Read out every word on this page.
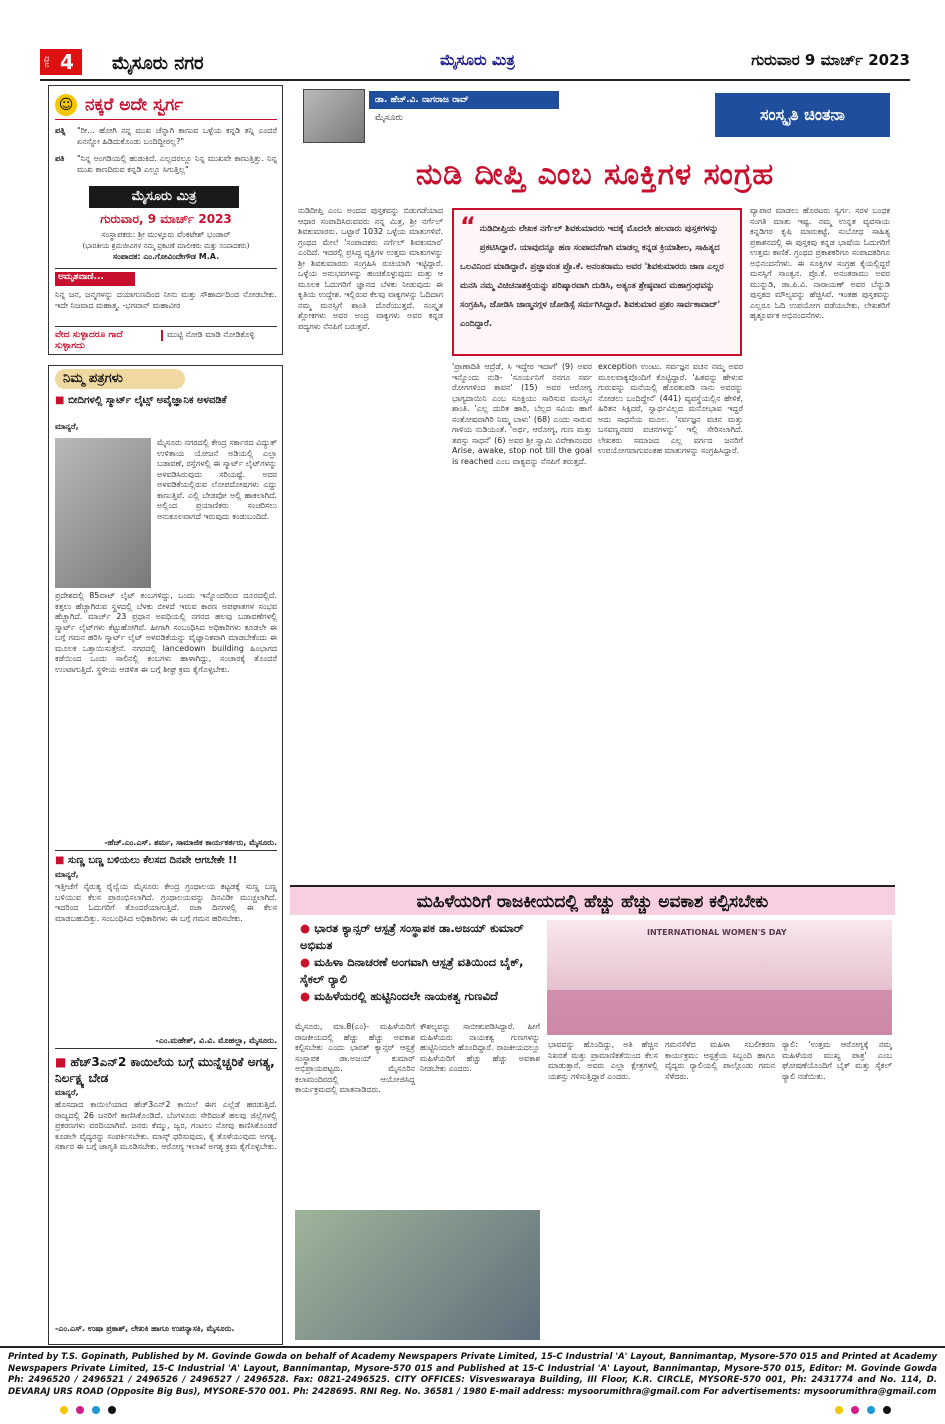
ಪುಟ 4	ಮೈಸೂರು ನಗರ	ಮೈಸೂರು ಮಿತ್ರ	ಗುರುವಾರ 9 ಮಾರ್ಚ್ 2023
☺ ನಕ್ಕರೆ ಅದೇ ಸ್ವರ್ಗ
ಪತ್ನಿ	"ರೀ... ಹೋಗಿ ನನ್ನ ಮುಖ ಚೆನ್ನಾಗಿ ಕಾಣುವ ಒಳ್ಳೆಯ ಕನ್ನಡಿ ತನ್ನಿ ಎಂದರೆ ಏನನ್ನೋ ಹಿಡಿದುಕೊಂಡು ಬಂದಿದ್ದೀರಲ್ಲ?"
ಪತಿ	"ನಿನ್ನ ಅಂಗಡಿಯಲ್ಲಿ ಹುಡುಕಿದೆ. ಎಲ್ಲದರಲ್ಲೂ ನಿನ್ನ ಮುಖವೇ ಕಾಣುತ್ತಿತ್ತು. ನಿನ್ನ ಮುಖ ಕಾಣದಿರುವ ಕನ್ನಡಿ ಎಲ್ಲೂ ಸಿಗುತ್ತಿಲ್ಲ"
ಮೈಸೂರು ಮಿತ್ರ
ಗುರುವಾರ, 9 ಮಾರ್ಚ್ 2023
ಸಂಸ್ಥಾಪಕರು: ಶ್ರೀ ಮುಳ್ಳೂರು ವೆಂಕಟೇಶ್ ಭಂಡಾರ್
(ಭಾರತೀಯ ಶ್ರಮಜೀವಿಗಳ ನಮ್ಮ ಪ್ರಕಟಣೆ ಮಾಲೀಕರು ಮತ್ತು ಸಂಪಾದಕರು)
ಸಂಪಾದಕ: ಎಂ.ಗೋವಿಂದೇಗೌಡ M.A.
ಅಮೃತವಾಣಿ...
ನಿನ್ನ ಜನ, ಜನ್ಮಗಳನ್ನು ದಯಾಗುಣದಿಂದ ನೀನು ಮತ್ತು ಸೌಹಾರ್ದದಿಂದ ನೋಡಬೇಕು. ಇದೇ ನಿಜವಾದ ಮಹಾತ್ಮ. -ಭಗವಾನ್ ಮಹಾವೀರ
ವೇದ ಸುಳ್ಳಾದರೂ ಗಾದೆ ಸುಳ್ಳಾಗದು
ಮುಟ್ಟಿ ನೋಡಿ ಮಾಡಿ ನೋಡಿಕೊಳ್ಳಿ
ನಿಮ್ಮ ಪತ್ರಗಳು
■ ಬೀದಿಗಳಲ್ಲಿ ಸ್ಮಾರ್ಟ್ ಲೈಟ್ಸ್ ಅವೈಜ್ಞಾನಿಕ ಅಳವಡಿಕೆ
ಮಾನ್ಯರೆ,
ಮೈಸೂರು ನಗರದಲ್ಲಿ ಕೇಂದ್ರ ಸರ್ಕಾರದ ವಿದ್ಯುತ್ ಉಳಿತಾಯ ಯೋಜನೆ ಅಡಿಯಲ್ಲಿ ಎಲ್ಲಾ ಬಡಾವಣೆ, ರಸ್ತೆಗಳಲ್ಲಿ ಈ ಸ್ಮಾರ್ಟ್ ಲೈಟ್‌ಗಳನ್ನು ಅಳವಡಿಸಿರುವುದು ಸರಿಯಷ್ಟೆ. ಅದರ ಅಳವಡಿಕೆಯಲ್ಲಿರುವ ಲೋಪದೋಷಗಳು ಎದ್ದು ಕಾಣುತ್ತಿವೆ. ಎಲ್ಲಿ ಬೇಡವೋ ಅಲ್ಲಿ ಹಾಕಲಾಗಿದೆ. ಅಲ್ಲಿಂದ ಪ್ರಯಾಣಿಕರು ಸಂಚರಿಸಲು ಅನುಕೂಲವಾಗದೆ ಇರುವುದು ಕಂಡುಬಂದಿದೆ.
ಪ್ರದೇಶದಲ್ಲಿ 85ವಾಟ್ ಲೈಟ್ ಕಂಬಗಳಿದ್ದು, ಒಂದು ಇನ್ನೊಂದರಿಂದ ದೂರದಲ್ಲಿದೆ. ಕತ್ತಲು ಹೆಚ್ಚಾಗಿರುವ ಸ್ಥಳದಲ್ಲಿ ಬೆಳಕು ಬೀಳದೆ ಇರುವ ಕಾರಣ ಅಪಘಾತಗಳ ಸಂಭವ ಹೆಚ್ಚಾಗಿದೆ. ಮಾರ್ಚ್ 23 ಪ್ರಧಾನ ಅವಧಿಯಲ್ಲಿ ನಗರದ ಹಲವು ಬಡಾವಣೆಗಳಲ್ಲಿ ಸ್ಮಾರ್ಟ್ ಲೈಟ್‌ಗಳು ಕೆಟ್ಟುಹೋಗಿವೆ. ಹೀಗಾಗಿ ಸಂಬಂಧಿಸಿದ ಅಧಿಕಾರಿಗಳು ಕೂಡಲೇ ಈ ಬಗ್ಗೆ ಗಮನ ಹರಿಸಿ ಸ್ಮಾರ್ಟ್ ಲೈಟ್ ಅಳವಡಿಕೆಯನ್ನು ವೈಜ್ಞಾನಿಕವಾಗಿ ಮಾಡಬೇಕೆಂದು ಈ ಮೂಲಕ ಒತ್ತಾಯಿಸುತ್ತೇನೆ. ನಗರದಲ್ಲಿ lancedown building ಹಿಂಭಾಗದ ಕಡೆಯಿಂದ ಒಂದು ಸಾಲಿನಲ್ಲಿ ಕಂಬಗಳು ಹಾಳಾಗಿದ್ದು, ಸಂಚಾರಕ್ಕೆ ತೊಂದರೆ ಉಂಟಾಗುತ್ತಿದೆ. ಸ್ಥಳೀಯ ಆಡಳಿತ ಈ ಬಗ್ಗೆ ಶೀಘ್ರ ಕ್ರಮ ಕೈಗೊಳ್ಳಬೇಕು.
-ಹೆಚ್.ಎಂ.ಎಸ್. ಶರ್ಮ, ಸಾಮಾಜಿಕ ಕಾರ್ಯಕರ್ತರು, ಮೈಸೂರು.
■ ಸುಣ್ಣ ಬಣ್ಣ ಬಳಿಯಲು ಕೆಲಸದ ದಿನವೇ ಆಗಬೇಕೇ !!
ಮಾನ್ಯರೆ,
ಇತ್ತೀಚೆಗೆ ನೈರುತ್ಯ ರೈಲ್ವೆಯ ಮೈಸೂರು ಕೇಂದ್ರ ಗ್ರಂಥಾಲಯ ಕಟ್ಟಡಕ್ಕೆ ಸುಣ್ಣ ಬಣ್ಣ ಬಳಿಯುವ ಕೆಲಸ ಪ್ರಾರಂಭಿಸಲಾಗಿದೆ. ಗ್ರಂಥಾಲಯವನ್ನು ದಿನವಿಡೀ ಮುಚ್ಚಲಾಗಿದೆ. ಇದರಿಂದ ಓದುಗರಿಗೆ ತೊಂದರೆಯಾಗುತ್ತಿದೆ. ರಜಾ ದಿನಗಳಲ್ಲಿ ಈ ಕೆಲಸ ಮಾಡಬಹುದಿತ್ತು. ಸಂಬಂಧಿಸಿದ ಅಧಿಕಾರಿಗಳು ಈ ಬಗ್ಗೆ ಗಮನ ಹರಿಸಬೇಕು.
-ಎಂ.ಮಹೇಶ್, ವಿ.ವಿ. ಮೊಹಲ್ಲಾ, ಮೈಸೂರು.
■ ಹೆಚ್3ಎನ್2 ಕಾಯಿಲೆಯ ಬಗ್ಗೆ ಮುನ್ನೆಚ್ಚರಿಕೆ ಅಗತ್ಯ, ನಿರ್ಲಕ್ಷ್ಯ ಬೇಡ
ಮಾನ್ಯರೆ,
ಹೊಸದಾದ ಕಾಯಿಲೆಯಾದ ಹೆಚ್3ಎನ್2 ಕಾಯಿಲೆ ಈಗ ಎಲ್ಲೆಡೆ ಹರಡುತ್ತಿದೆ. ರಾಜ್ಯದಲ್ಲಿ 26 ಜನರಿಗೆ ಕಾಣಿಸಿಕೊಂಡಿದೆ. ಬೆಂಗಳೂರು ಸೇರಿದಂತೆ ಹಲವು ಜಿಲ್ಲೆಗಳಲ್ಲಿ ಪ್ರಕರಣಗಳು ವರದಿಯಾಗಿವೆ. ಜನರು ಕೆಮ್ಮು, ಜ್ವರ, ಗಂಟಲು ನೋವು ಕಾಣಿಸಿಕೊಂಡರೆ ಕೂಡಲೇ ವೈದ್ಯರನ್ನು ಸಂಪರ್ಕಿಸಬೇಕು. ಮಾಸ್ಕ್ ಧರಿಸುವುದು, ಕೈ ತೊಳೆಯುವುದು ಅಗತ್ಯ. ಸರ್ಕಾರ ಈ ಬಗ್ಗೆ ಜಾಗೃತಿ ಮೂಡಿಸಬೇಕು. ಆರೋಗ್ಯ ಇಲಾಖೆ ಅಗತ್ಯ ಕ್ರಮ ಕೈಗೊಳ್ಳಬೇಕು.
-ಎಂ.ಎಸ್. ಉಷಾ ಪ್ರಕಾಶ್, ಲೇಖಕಿ ಹಾಗೂ ಉಪನ್ಯಾಸಕಿ, ಮೈಸೂರು.
ಡಾ. ಹೆಚ್.ವಿ. ನಾಗರಾಜ ರಾವ್
ಮೈಸೂರು	ಸಂಸ್ಕೃತಿ ಚಿಂತನಾ
ನುಡಿ ದೀಪ್ತಿ ಎಂಬ ಸೂಕ್ತಿಗಳ ಸಂಗ್ರಹ
ನುಡಿದೀಪ್ತಿ ಎಂಬ ಅಂದದ ಪುಸ್ತಕವನ್ನು ಬಿಡುಗಡೆಯಾದ ಆಧಾರ ಸಂಪಾದಿಸಿರುವವರು ನನ್ನ ಮಿತ್ರ, ಶ್ರೀ ನರ್ಗೆಲ್ ಶಿವಕುಮಾರರು. ಒಟ್ಟಾರೆ 1032 ಒಳ್ಳೆಯ ಮಾತುಗಳಿವೆ. ಗ್ರಂಥದ ಮೇಲೆ 'ಸಂಪಾದಕರು ನರ್ಗೆಲ್ ಶಿವಕುಮಾರ' ಎಂದಿದೆ. ಇದರಲ್ಲಿ ಪ್ರಸಿದ್ಧ ವ್ಯಕ್ತಿಗಳ ಉತ್ತಮ ಮಾತುಗಳನ್ನು ಶ್ರೀ ಶಿವಕುಮಾರರು ಸಂಗ್ರಹಿಸಿ ರುಚಿಯಾಗಿ ಇಟ್ಟಿದ್ದಾರೆ. ಒಳ್ಳೆಯ ಅನುಭವಗಳನ್ನು ಹಂಚಿಕೊಳ್ಳುವುದು ಮತ್ತು ಆ ಮೂಲಕ ಓದುಗರಿಗೆ ಜ್ಞಾನದ ಬೆಳಕು ನೀಡುವುದು ಈ ಕೃತಿಯ ಉದ್ದೇಶ. ಇಲ್ಲಿರುವ ಕೆಲವು ವಾಕ್ಯಗಳನ್ನು ಓದಿದಾಗ ನಮ್ಮ ಮನಸ್ಸಿಗೆ ಶಾಂತಿ ದೊರೆಯುತ್ತದೆ. ಸಂಸ್ಕೃತ ಶ್ಲೋಕಗಳು ಅವರ ಅಂದ್ರ ವಾಕ್ಯಗಳು ಅವರ ಕನ್ನಡ ಪದ್ಯಗಳು ನೆನಪಿಗೆ ಬರುತ್ತವೆ.
“ ನುಡಿದೀಪ್ತಿಯ ಲೇಖಕ ನರ್ಗೆಲ್ ಶಿವಕುಮಾರರು ಇದಕ್ಕೆ ಮೊದಲೇ ಹಲವಾರು ಪುಸ್ತಕಗಳನ್ನು ಪ್ರಕಟಿಸಿದ್ದಾರೆ. ಯಾವುದನ್ನೂ ಹಣ ಸಂಪಾದನೆಗಾಗಿ ಮಾಡಲ್ಲ ಕನ್ನಡ ಕ್ರಿಯಾಶೀಲ, ಸಾಹಿತ್ಯದ ಒಲವಿನಿಂದ ಮಾಡಿದ್ದಾರೆ. ಪ್ರಜ್ಞಾವಂತ ಪ್ರೊ.ಕೆ. ಅನಂತರಾಮು ಅವರ 'ಶಿವಕುಮಾರರು ಜಾಣ ಎಲ್ಲರ ಮನಸಿ ನಮ್ಮ ವಿಚಿಚನಾಶಕ್ತಿಯನ್ನು ಪರಿಷ್ಕಾರವಾಗಿ ದುಡಿಸಿ, ಅತ್ಯಂತ ಶ್ರೇಷ್ಠವಾದ ಮಹಾಗ್ರಂಥವನ್ನು ಸಂಗ್ರಹಿಸಿ, ಜೋಡಿಸಿ ಜಾಣ್ಮನಗ್ಗಳ ಜೋಡಿಸ್ಸೆ ಸರ್ಮಗಿಸಿದ್ದಾರೆ. ಶಿವಕುಮಾರ ಪ್ರಶಂ ಸಾರ್ವಕಾವಾದ್' ಎಂದಿದ್ದಾರೆ.
'ಪ್ರಾಣಾದಿತಿ ಆದ್ರೆಡೆ, ಸಿ ಇದ್ದೇರ ಇದಾಗೆ' (9) ಅವರ ಇನ್ನೊಂದು ನುಡಿ- 'ಸೂರ್ಯನಿಗೆ ನನಗೂ ಸರ್ವ ರೋಗಗಳಿಂದ ಕಾವನ' (15) ಅವರ ಆರೋಗ್ಯ ಭಾಗ್ಯದಾಯಿನಿ ಎಂಬ ಸೂಕ್ತಿಯು ಸಾರಿಸುವ ಮನಸ್ಸಿನ ಶಾಂತಿ. 'ಎಲ್ಲ ದುರಿತ ಹಾರಿ, ಬೆಲ್ಲದ ಸವಿಯ ಹಾಗೆ ಸಂತೋಷವಾಗಿರಿ ನಿಮ್ಮ ಬಾಳು' (68) ಎಂದು ಸಾರುವ ಗಾಳಿಯ ನುಡಿಯಂತೆ. 'ಅರ್ಥ, ಆರೋಗ್ಯ, ಗುಣ ಮತ್ತು ತಪಸ್ಸು ಸಾಧನೆ' (6) ಅವರ ಶ್ರೀ ಸ್ವಾಮಿ ವಿವೇಕಾನಂದರ Arise, awake, stop not till the goal is reached ಎಂಬ ವಾಕ್ಯವನ್ನು ನೆನಪಿಗೆ ತರುತ್ತದೆ.
exception ಉಂಟು. ಸರ್ವಜ್ಞನ ವಚನ ನಮ್ಮ ಅವರ ಮೂಲವಾಕ್ಯವೊಂದಿಗೆ ಕೊಟ್ಟಿದ್ದಾರೆ. 'ಹಿತವನ್ನು ಹೇಳುವ ಗುರುವನ್ನು ಮನೆಯಲ್ಲಿ ಹೊರತುಪಡಿ ನಾನು ಅವರನ್ನು ನೋಡಲು ಬಂದಿದ್ದೇನೆ' (441) ವ್ಯವಸ್ಥೆಯಲ್ಲಿನ ಹೇಳಿಕೆ, ಹಿರಿತನ ಸಿಕ್ಕಿದರೆ, ಸ್ವಾರ್ಥವಿಲ್ಲದ ಮನೋಭಾವ ಇದ್ದರೆ ಅದು ಸಾಧನೆಯ ಮೂಲ. 'ಸರ್ವಜ್ಞನ ವಚನ ಮತ್ತು ಬಸವಣ್ಣನವರ ವಚನಗಳನ್ನು' ಇಲ್ಲಿ ಸೇರಿಸಲಾಗಿದೆ. ಲೇಖಕರು ಸಮಾಜದ ಎಲ್ಲ ವರ್ಗದ ಜನರಿಗೆ ಉಪಯೋಗವಾಗುವಂತಹ ಮಾತುಗಳನ್ನು ಸಂಗ್ರಹಿಸಿದ್ದಾರೆ.
ವ್ಯಾಪಾರ ಮಾಡಲು ಹೊರಟರು ಸ್ವರ್ಗ. ಸರಳ ಬಂಧಕ ಸಂಗತಿ ಮಾತು ಇಷ್ಟ. ನಮ್ಮ ಉನ್ನತ ವ್ಯವಸಾಯ ಕನ್ನಡಿಗರ ಕೃಷಿ ಮಾರುಕಟ್ಟೆ. ಸುಬೋಧ ಸಾಹಿತ್ಯ ಪ್ರಕಾಶನದಲ್ಲಿ ಈ ಪುಸ್ತಕವು ಕನ್ನಡ ಭಾಷೆಯ ಓದುಗರಿಗೆ ಉತ್ತಮ ಕಾಣಿಕೆ. ಗ್ರಂಥದ ಪ್ರಕಾಶಕರಿಗೂ ಸಂಪಾದಕರಿಗೂ ಅಭಿನಂದನೆಗಳು. ಈ ಸೂಕ್ತಿಗಳ ಸಂಗ್ರಹ ಕೈಯಲ್ಲಿದ್ದರೆ ಮನಸ್ಸಿಗೆ ಸಾಂತ್ವನ. ಪ್ರೊ.ಕೆ. ಅನಂತರಾಮು ಅವರ ಮುನ್ನುಡಿ, ಡಾ.ಪಿ.ವಿ. ನಾರಾಯಣ್ ಅವರ ಬೆನ್ನುಡಿ ಪುಸ್ತಕದ ಮೌಲ್ಯವನ್ನು ಹೆಚ್ಚಿಸಿವೆ. ಇಂತಹ ಪುಸ್ತಕವನ್ನು ಎಲ್ಲರೂ ಓದಿ ಉಪಯೋಗ ಪಡೆಯಬೇಕು. ಲೇಖಕರಿಗೆ ಹೃತ್ಪೂರ್ವಕ ಅಭಿನಂದನೆಗಳು.
ಮಹಿಳೆಯರಿಗೆ ರಾಜಕೀಯದಲ್ಲಿ ಹೆಚ್ಚು ಹೆಚ್ಚು ಅವಕಾಶ ಕಲ್ಪಿಸಬೇಕು
● ಭಾರತ ಕ್ಯಾನ್ಸರ್ ಆಸ್ಪತ್ರೆ ಸಂಸ್ಥಾಪಕ ಡಾ.ಅಜಯ್ ಕುಮಾರ್ ಅಭಿಮತ
● ಮಹಿಳಾ ದಿನಾಚರಣೆ ಅಂಗವಾಗಿ ಆಸ್ಪತ್ರೆ ವತಿಯಿಂದ ಬೈಕ್, ಸೈಕಲ್ ರ‍್ಯಾಲಿ
● ಮಹಿಳೆಯರಲ್ಲಿ ಹುಟ್ಟಿನಿಂದಲೇ ನಾಯಕತ್ವ ಗುಣವಿದೆ
INTERNATIONAL WOMEN'S DAY
ಮೈಸೂರು, ಮಾ.8(ಎಂ)- ಮಹಿಳೆಯರಿಗೆ ರಾಜಕೀಯದಲ್ಲಿ ಹೆಚ್ಚು ಹೆಚ್ಚು ಅವಕಾಶ ಕಲ್ಪಿಸಬೇಕು ಎಂದು ಭಾರತ್ ಕ್ಯಾನ್ಸರ್ ಆಸ್ಪತ್ರೆ ಸಂಸ್ಥಾಪಕ ಡಾ.ಅಜಯ್ ಕುಮಾರ್ ಅಭಿಪ್ರಾಯಪಟ್ಟರು. ಮೈಸೂರಿನ ಕಲಾಮಂದಿರದಲ್ಲಿ ಆಯೋಜಿಸಿದ್ದ ಕಾರ್ಯಕ್ರಮದಲ್ಲಿ ಮಾತನಾಡಿದರು.
ಕೌಶಲ್ಯವನ್ನು ಸಾಬೀತುಪಡಿಸಿದ್ದಾರೆ. ಹೀಗೆ ಮಹಿಳೆಯರು ನಾಯಕತ್ವ ಗುಣಗಳನ್ನು ಹುಟ್ಟಿನಿಂದಲೇ ಹೊಂದಿದ್ದಾರೆ. ರಾಜಕೀಯದಲ್ಲೂ ಮಹಿಳೆಯರಿಗೆ ಹೆಚ್ಚು ಹೆಚ್ಚು ಅವಕಾಶ ನೀಡಬೇಕು ಎಂದರು.
ಭಾವವನ್ನು ಹೊಂದಿದ್ದು, ಅತಿ ಹೆಚ್ಚಿನ ನಿಖರತೆ ಮತ್ತು ಪ್ರಾಮಾಣಿಕತೆಯಿಂದ ಕೆಲಸ ಮಾಡುತ್ತಾರೆ. ಅವರು ಎಲ್ಲಾ ಕ್ಷೇತ್ರಗಳಲ್ಲಿ ಯಶಸ್ಸು ಗಳಿಸುತ್ತಿದ್ದಾರೆ ಎಂದರು.
ಗಮನಸೆಳೆದ ಮಹಿಳಾ ಸಬಲೀಕರಣ ಕಾರ್ಯಕ್ರಮ: ಆಸ್ಪತ್ರೆಯ ಸಿಬ್ಬಂದಿ ಹಾಗೂ ವೈದ್ಯರು ರ‍್ಯಾಲಿಯಲ್ಲಿ ಪಾಲ್ಗೊಂಡು ಗಮನ ಸೆಳೆದರು.
ರ‍್ಯಾಲಿ: 'ಉತ್ತಮ ಆರೋಗ್ಯಕ್ಕೆ ನಮ್ಮ ಮಹಿಳೆಯರ ಮುಖ್ಯ ಪಾತ್ರ' ಎಂಬ ಘೋಷಣೆಯೊಂದಿಗೆ ಬೈಕ್ ಮತ್ತು ಸೈಕಲ್ ರ‍್ಯಾಲಿ ನಡೆಯಿತು.
Printed by T.S. Gopinath, Published by M. Govinde Gowda on behalf of Academy Newspapers Private Limited, 15-C Industrial 'A' Layout, Bannimantap, Mysore-570 015 and Printed at Academy Newspapers Private Limited, 15-C Industrial 'A' Layout, Bannimantap, Mysore-570 015 and Published at 15-C Industrial 'A' Layout, Bannimantap, Mysore-570 015, Editor: M. Govinde Gowda Ph: 2496520 / 2496521 / 2496526 / 2496527 / 2496528. Fax: 0821-2496525. CITY OFFICES: Visveswaraya Building, III Floor, K.R. CIRCLE, MYSORE-570 001, Ph: 2431774 and No. 114, D. DEVARAJ URS ROAD (Opposite Big Bus), MYSORE-570 001. Ph: 2428695. RNI Reg. No. 36581 / 1980 E-mail address: mysoorumithra@gmail.com For advertisements: mysoorumithra@gmail.com
